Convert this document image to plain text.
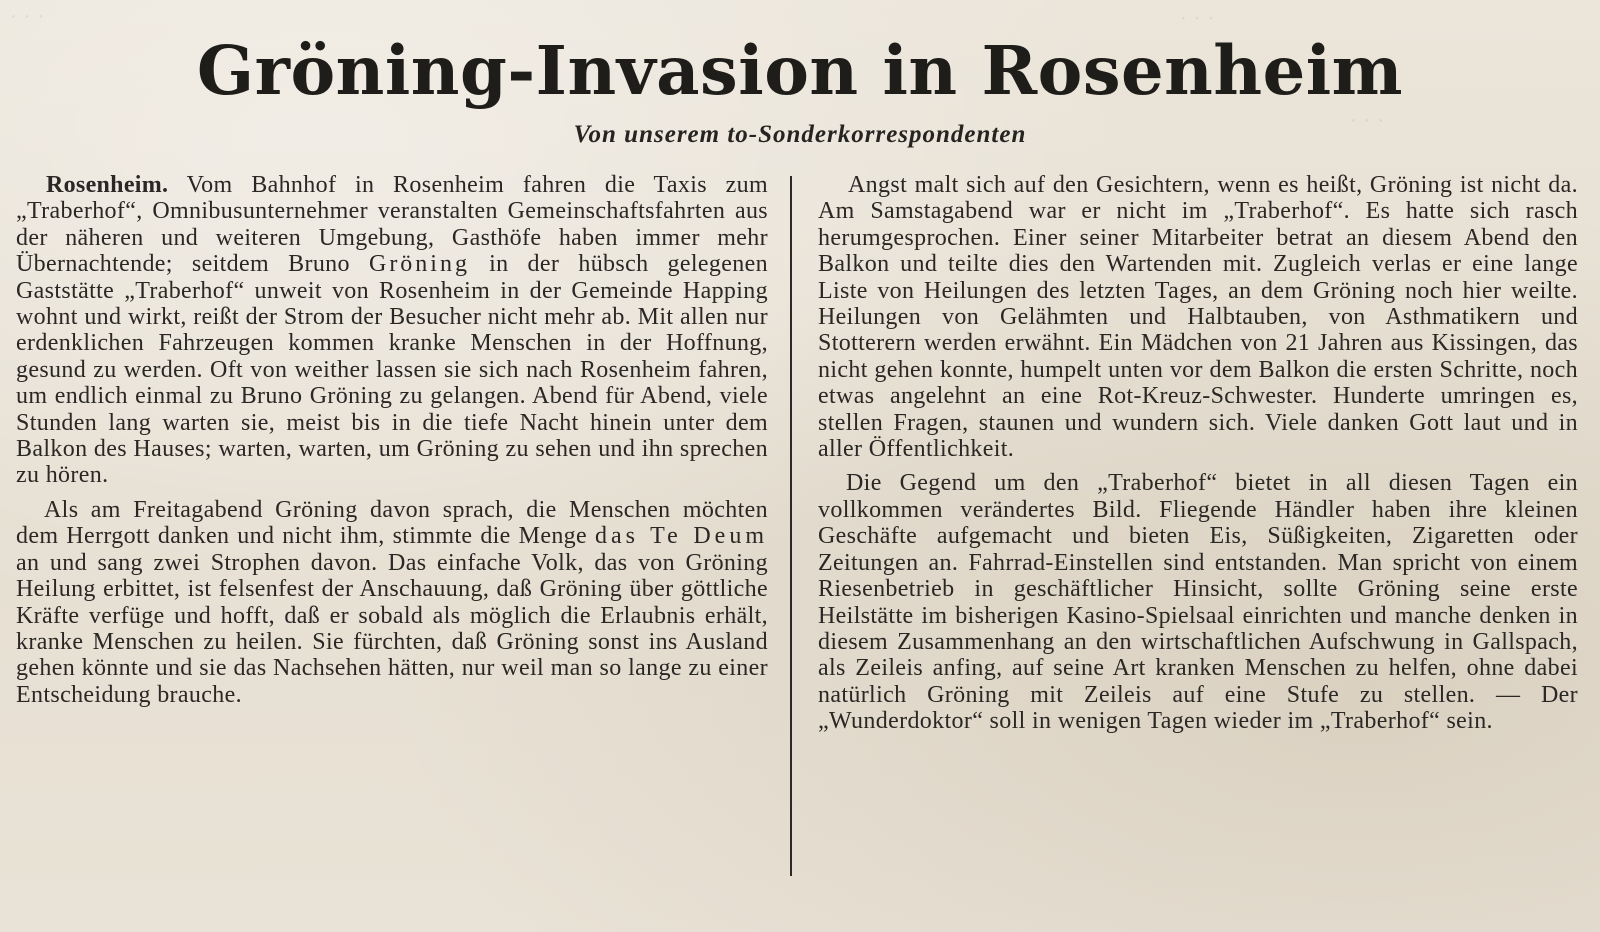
· · ·	· · ·
· · ·
Gröning-Invasion in Rosenheim
Von unserem to-Sonderkorrespondenten

Rosenheim. Vom Bahnhof in Rosenheim fahren die Taxis zum „Traberhof“, Omnibusunternehmer veranstalten Gemeinschaftsfahrten aus der näheren und weiteren Umgebung, Gasthöfe haben immer mehr Übernachtende; seitdem Bruno Gröning in der hübsch gelegenen Gaststätte „Traberhof“ unweit von Rosenheim in der Gemeinde Happing wohnt und wirkt, reißt der Strom der Besucher nicht mehr ab. Mit allen nur erdenklichen Fahrzeugen kommen kranke Menschen in der Hoffnung, gesund zu werden. Oft von weither lassen sie sich nach Rosenheim fahren, um endlich einmal zu Bruno Gröning zu gelangen. Abend für Abend, viele Stunden lang warten sie, meist bis in die tiefe Nacht hinein unter dem Balkon des Hauses; warten, warten, um Gröning zu sehen und ihn sprechen zu hören.

Als am Freitagabend Gröning davon sprach, die Menschen möchten dem Herrgott danken und nicht ihm, stimmte die Menge das Te Deum an und sang zwei Strophen davon. Das einfache Volk, das von Gröning Heilung erbittet, ist felsenfest der Anschauung, daß Gröning über göttliche Kräfte verfüge und hofft, daß er sobald als möglich die Erlaubnis erhält, kranke Menschen zu heilen. Sie fürchten, daß Gröning sonst ins Ausland gehen könnte und sie das Nachsehen hätten, nur weil man so lange zu einer Entscheidung brauche.

Angst malt sich auf den Gesichtern, wenn es heißt, Gröning ist nicht da. Am Samstagabend war er nicht im „Traberhof“. Es hatte sich rasch herumgesprochen. Einer seiner Mitarbeiter betrat an diesem Abend den Balkon und teilte dies den Wartenden mit. Zugleich verlas er eine lange Liste von Heilungen des letzten Tages, an dem Gröning noch hier weilte. Heilungen von Gelähmten und Halbtauben, von Asthmatikern und Stotterern werden erwähnt. Ein Mädchen von 21 Jahren aus Kissingen, das nicht gehen konnte, humpelt unten vor dem Balkon die ersten Schritte, noch etwas angelehnt an eine Rot-Kreuz-Schwester. Hunderte umringen es, stellen Fragen, staunen und wundern sich. Viele danken Gott laut und in aller Öffentlichkeit.

Die Gegend um den „Traberhof“ bietet in all diesen Tagen ein vollkommen verändertes Bild. Fliegende Händler haben ihre kleinen Geschäfte aufgemacht und bieten Eis, Süßigkeiten, Zigaretten oder Zeitungen an. Fahrrad-Einstellen sind entstanden. Man spricht von einem Riesenbetrieb in geschäftlicher Hinsicht, sollte Gröning seine erste Heilstätte im bisherigen Kasino-Spielsaal einrichten und manche denken in diesem Zusammenhang an den wirtschaftlichen Aufschwung in Gallspach, als Zeileis anfing, auf seine Art kranken Menschen zu helfen, ohne dabei natürlich Gröning mit Zeileis auf eine Stufe zu stellen. — Der „Wunderdoktor“ soll in wenigen Tagen wieder im „Traberhof“ sein.
